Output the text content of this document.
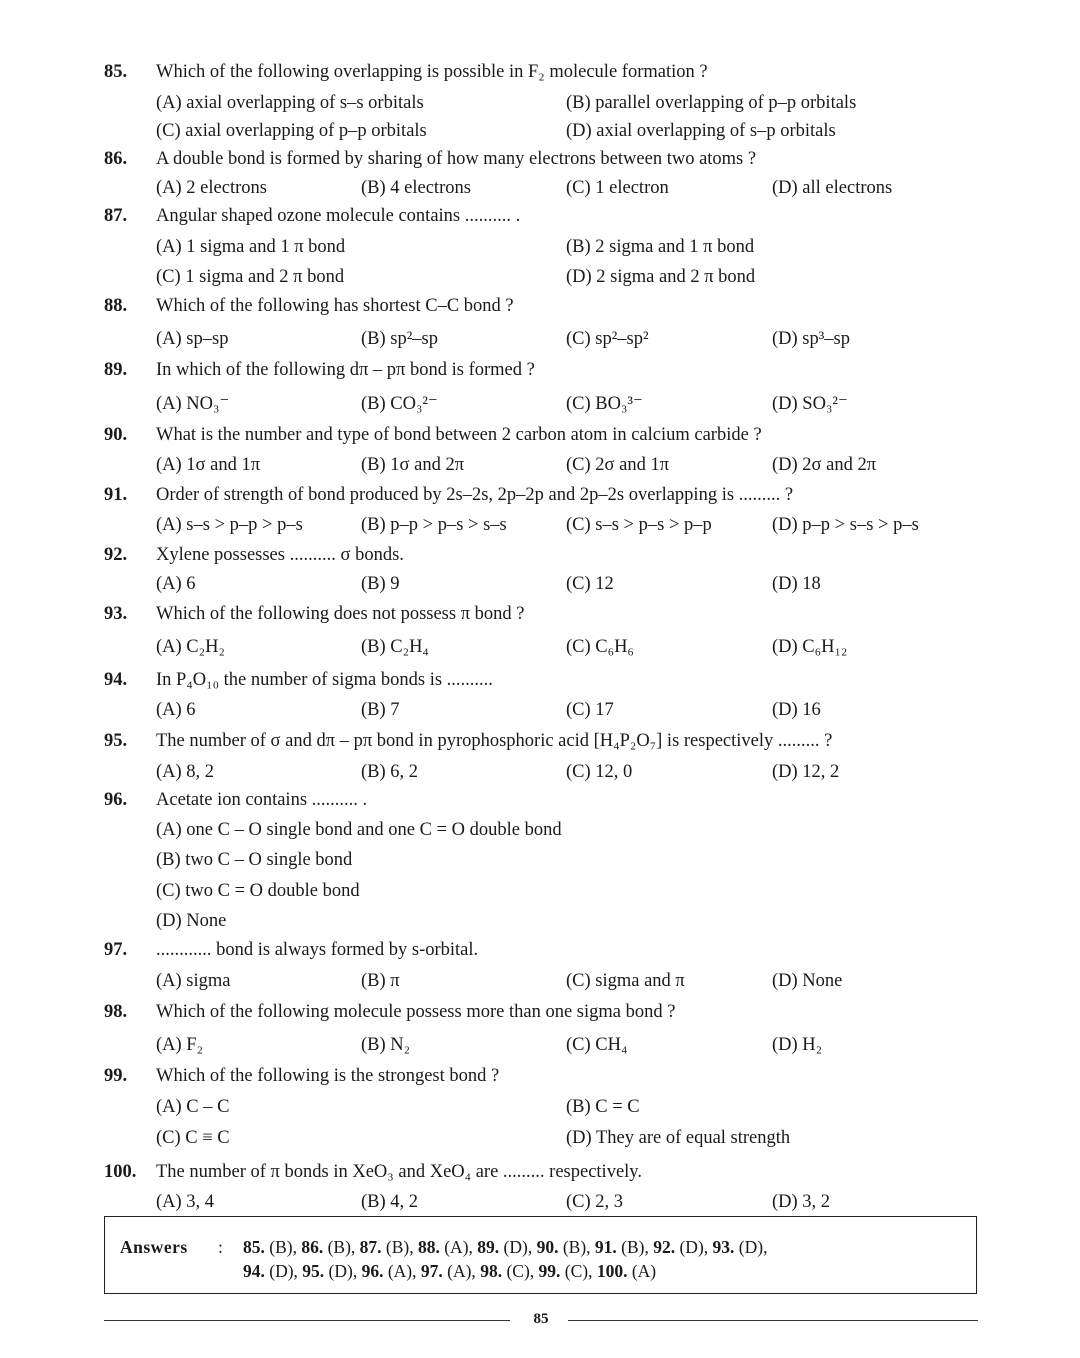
85.	Which of the following overlapping is possible in F₂ molecule formation ?
(A) axial overlapping of s–s orbitals	(B) parallel overlapping of p–p orbitals
(C) axial overlapping of p–p orbitals	(D) axial overlapping of s–p orbitals
86.	A double bond is formed by sharing of how many electrons between two atoms ?
(A) 2 electrons	(B) 4 electrons	(C) 1 electron	(D) all electrons
87.	Angular shaped ozone molecule contains .......... .
(A) 1 sigma and 1 π bond	(B) 2 sigma and 1 π bond
(C) 1 sigma and 2 π bond	(D) 2 sigma and 2 π bond
88.	Which of the following has shortest C–C bond ?
(A) sp–sp	(B) sp²–sp	(C) sp²–sp²	(D) sp³–sp
89.	In which of the following dπ – pπ bond is formed ?
(A) NO₃⁻	(B) CO₃²⁻	(C) BO₃³⁻	(D) SO₃²⁻
90.	What is the number and type of bond between 2 carbon atom in calcium carbide ?
(A) 1σ and 1π	(B) 1σ and 2π	(C) 2σ and 1π	(D) 2σ and 2π
91.	Order of strength of bond produced by 2s–2s, 2p–2p and 2p–2s overlapping is ......... ?
(A) s–s > p–p > p–s	(B) p–p > p–s > s–s	(C) s–s > p–s > p–p	(D) p–p > s–s > p–s
92.	Xylene possesses .......... σ bonds.
(A) 6	(B) 9	(C) 12	(D) 18
93.	Which of the following does not possess π bond ?
(A) C₂H₂	(B) C₂H₄	(C) C₆H₆	(D) C₆H₁₂
94.	In P₄O₁₀ the number of sigma bonds is ..........
(A) 6	(B) 7	(C) 17	(D) 16
95.	The number of σ and dπ – pπ bond in pyrophosphoric acid [H₄P₂O₇] is respectively ......... ?
(A) 8, 2	(B) 6, 2	(C) 12, 0	(D) 12, 2
96.	Acetate ion contains .......... .
(A) one C – O single bond and one C = O double bond
(B) two C – O single bond
(C) two C = O double bond
(D) None
97.	............ bond is always formed by s-orbital.
(A) sigma	(B) π	(C) sigma and π	(D) None
98.	Which of the following molecule possess more than one sigma bond ?
(A) F₂	(B) N₂	(C) CH₄	(D) H₂
99.	Which of the following is the strongest bond ?
(A) C – C	(B) C = C
(C) C ≡ C	(D) They are of equal strength
100.	The number of π bonds in XeO₃ and XeO₄ are ......... respectively.
(A) 3, 4	(B) 4, 2	(C) 2, 3	(D) 3, 2
Answers : 85. (B), 86. (B), 87. (B), 88. (A), 89. (D), 90. (B), 91. (B), 92. (D), 93. (D),
94. (D), 95. (D), 96. (A), 97. (A), 98. (C), 99. (C), 100. (A)
85
